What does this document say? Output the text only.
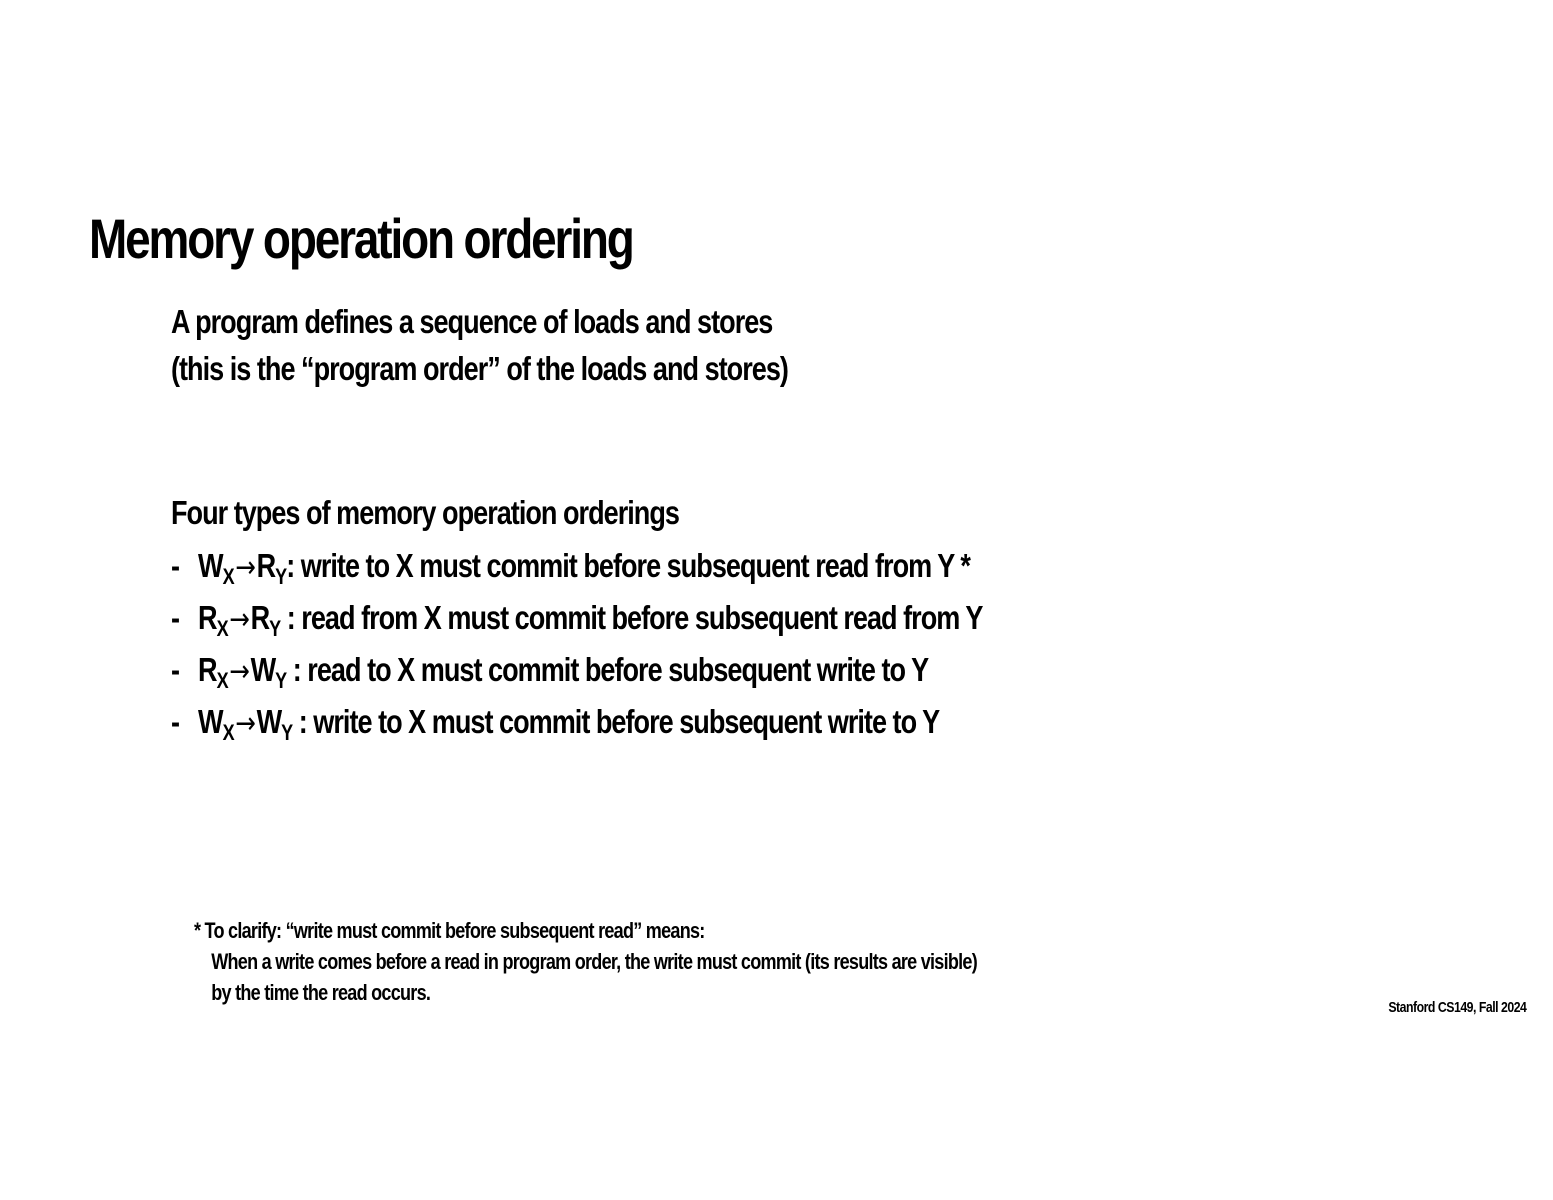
Memory operation ordering
A program defines a sequence of loads and stores
(this is the “program order” of the loads and stores)
Four types of memory operation orderings
- $W_X\to R_Y$: write to X must commit before subsequent read from Y *
- $R_X\to R_Y$ : read from X must commit before subsequent read from Y
- $R_X\to W_Y$ : read to X must commit before subsequent write to Y
- $W_X\to W_Y$ : write to X must commit before subsequent write to Y
* To clarify: “write must commit before subsequent read” means:
When a write comes before a read in program order, the write must commit (its results are visible)
by the time the read occurs.
Stanford CS149, Fall 2024
